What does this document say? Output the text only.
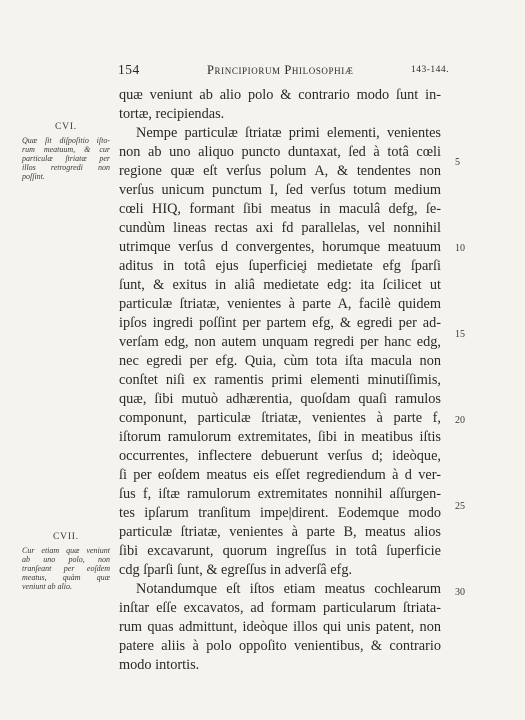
154	Principiorum Philosophiæ	143-144.
CVI.
Quæ ſit diſpoſitio iſto-
rum meatuum, & cur
particulæ ſtriatæ per
illos retrogredi non
poſſint.
CVII.
Cur etiam quæ veniunt
ab uno polo, non
tranſeant per eoſdem
meatus, quàm quæ
veniunt ab alio.
quæ veniunt ab alio polo & contrario modo ſunt in-
tortæ, recipiendas.
Nempe particulæ ſtriatæ primi elementi, venientes
non ab uno aliquo puncto duntaxat, ſed à totâ cœli
regione quæ eſt verſus polum A, & tendentes non
verſus unicum punctum I, ſed verſus totum medium
cœli HIQ, formant ſibi meatus in maculâ defg, ſe-
cundùm lineas rectas axi fd parallelas, vel nonnihil
utrimque verſus d convergentes, horumque meatuum
aditus in totâ ejus ſuperficie̥i medietate efg ſparſi
ſunt, & exitus in aliâ medietate edg: ita ſcilicet ut
particulæ ſtriatæ, venientes à parte A, facilè quidem
ipſos ingredi poſſint per partem efg, & egredi per ad-
verſam edg, non autem unquam regredi per hanc edg,
nec egredi per efg. Quia, cùm tota iſta macula non
conſtet niſi ex ramentis primi elementi minutiſſimis,
quæ, ſibi mutuò adhærentia, quoſdam quaſi ramulos
componunt, particulæ ſtriatæ, venientes à parte f,
iſtorum ramulorum extremitates, ſibi in meatibus iſtis
occurrentes, inflectere debuerunt verſus d; ideòque,
ſi per eoſdem meatus eis eſſet regrediendum à d ver-
ſus f, iſtæ ramulorum extremitates nonnihil aſſurgen-
tes ipſarum tranſitum impe|dirent. Eodemque modo
particulæ ſtriatæ, venientes à parte B, meatus alios
ſibi excavarunt, quorum ingreſſus in totâ ſuperficie
cdg ſparſi ſunt, & egreſſus in adverſâ efg.
Notandumque eſt iſtos etiam meatus cochlearum
inſtar eſſe excavatos, ad formam particularum ſtriata-
rum quas admittunt, ideòque illos qui unis patent, non
patere aliis à polo oppoſito venientibus, & contrario
modo intortis.
5
10
15
20
25
30
